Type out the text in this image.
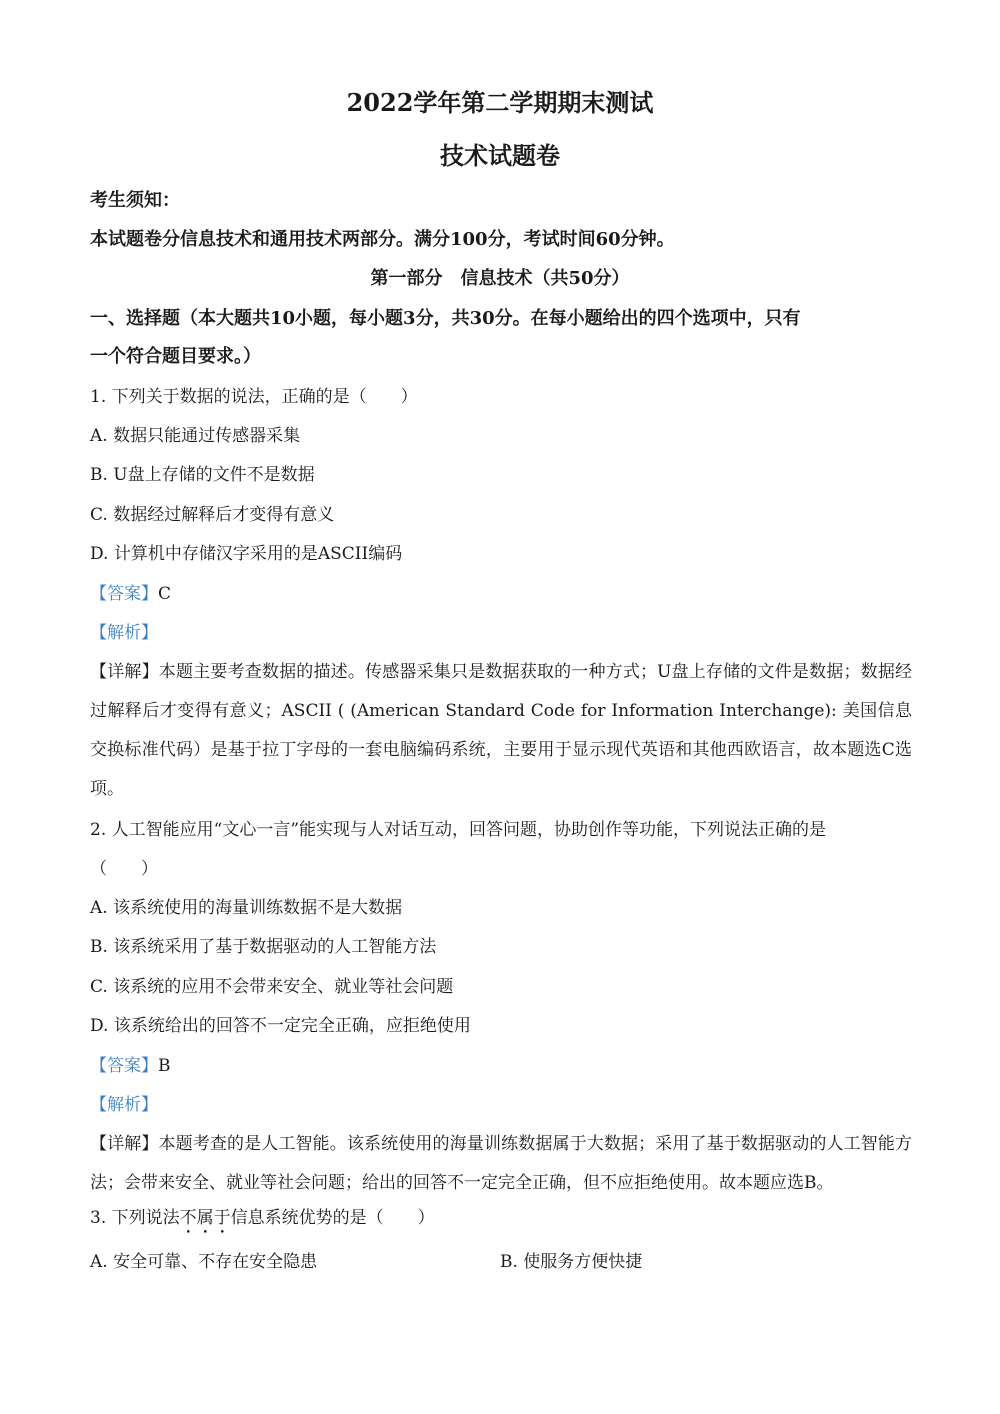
2022学年第二学期期末测试
技术试题卷
考生须知：
本试题卷分信息技术和通用技术两部分。满分100分，考试时间60分钟。
第一部分　信息技术（共50分）
一、选择题（本大题共10小题，每小题3分，共30分。在每小题给出的四个选项中，只有
一个符合题目要求。）
1. 下列关于数据的说法，正确的是（　　）
A. 数据只能通过传感器采集
B. U盘上存储的文件不是数据
C. 数据经过解释后才变得有意义
D. 计算机中存储汉字采用的是ASCII编码
【答案】C
【解析】
【详解】本题主要考查数据的描述。传感器采集只是数据获取的一种方式；U盘上存储的文件是数据；数据经过解释后才变得有意义；ASCII ( (American Standard Code for Information Interchange): 美国信息交换标准代码）是基于拉丁字母的一套电脑编码系统，主要用于显示现代英语和其他西欧语言，故本题选C选项。
2. 人工智能应用“文心一言”能实现与人对话互动，回答问题，协助创作等功能，下列说法正确的是
（　　）
A. 该系统使用的海量训练数据不是大数据
B. 该系统采用了基于数据驱动的人工智能方法
C. 该系统的应用不会带来安全、就业等社会问题
D. 该系统给出的回答不一定完全正确，应拒绝使用
【答案】B
【解析】
【详解】本题考查的是人工智能。该系统使用的海量训练数据属于大数据；采用了基于数据驱动的人工智能方法；会带来安全、就业等社会问题；给出的回答不一定完全正确，但不应拒绝使用。故本题应选B。
3. 下列说法不属于信息系统优势的是（　　）
A. 安全可靠、不存在安全隐患	B. 使服务方便快捷
